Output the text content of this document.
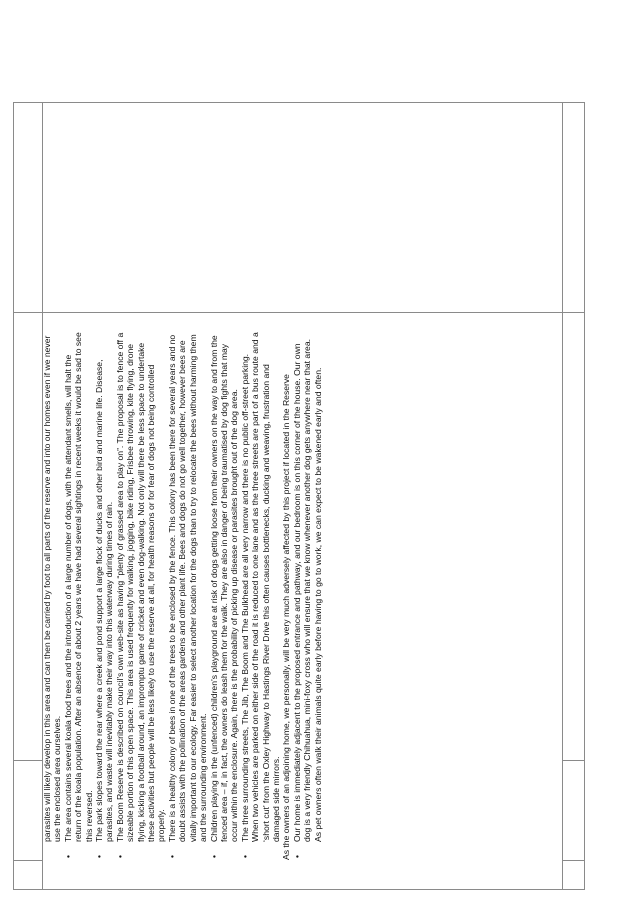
parasites will likely develop in this area and can then be carried by foot to all parts of the reserve and into our homes even if we never use the enclosed area ourselves.
•
The area contains several koala food trees and the introduction of a large number of dogs, with the attendant smells, will halt the return of the koala population. After an absence of about 2 years we have had several sightings in recent weeks it would be sad to see this reversed.
•
The park slopes toward the rear where a creek and pond support a large flock of ducks and other bird and marine life. Disease, parasites, and waste will inevitably make their way into this waterway during times of rain.
•
The Boom Reserve is described on council’s own web-site as having “plenty of grassed area to play on”. The proposal is to fence off a sizeable portion of this open space. This area is used frequently for walking, jogging, bike riding, Frisbee throwing, kite flying, drone flying, kicking a football around, an impromptu game of cricket and even dog-walking. Not only will there be less space to undertake these activities but people will be less likely to use the reserve at all, for health reasons or for fear of dogs not being controlled properly.
•
There is a healthy colony of bees in one of the trees to be enclosed by the fence. This colony has been there for several years and no doubt assists with the pollination of the areas gardens and other plant life. Bees and dogs do not go well together, however bees are vitally important to our ecology. Far easier to select another location for the dogs than to try to relocate the bees without harming them and the surrounding environment.
•
Children playing in the (unfenced) children’s playground are at risk of dogs getting loose from their owners on the way to and from the fenced area – if, in fact, the owners do leash them for the walk. They are also in danger of being traumatised by dog fights that may occur within the enclosure. Again, there is the probability of picking up disease or parasites brought out of the dog area.
•
The three surrounding streets, The Jib, The Boom and The Bulkhead are all very narrow and there is no public off-street parking. When two vehicles are parked on either side of the road it is reduced to one lane and as the three streets are part of a bus route and a ‘short cut’ from the Oxley Highway to Hastings River Drive this often causes bottlenecks, ducking and weaving, frustration and damaged side mirrors. As the owners of an adjoining home, we personally, will be very much adversely affected by this project if located in the Reserve •
Our home is immediately adjacent to the proposed entrance and pathway, and our bedroom is on this corner of the house. Our own dog is a very friendly Chihuahua, mini-foxy cross who will ensure that we know whenever another dog gets anywhere near that area. As pet owners often walk their animals quite early before having to go to work, we can expect to be wakened early and often.
